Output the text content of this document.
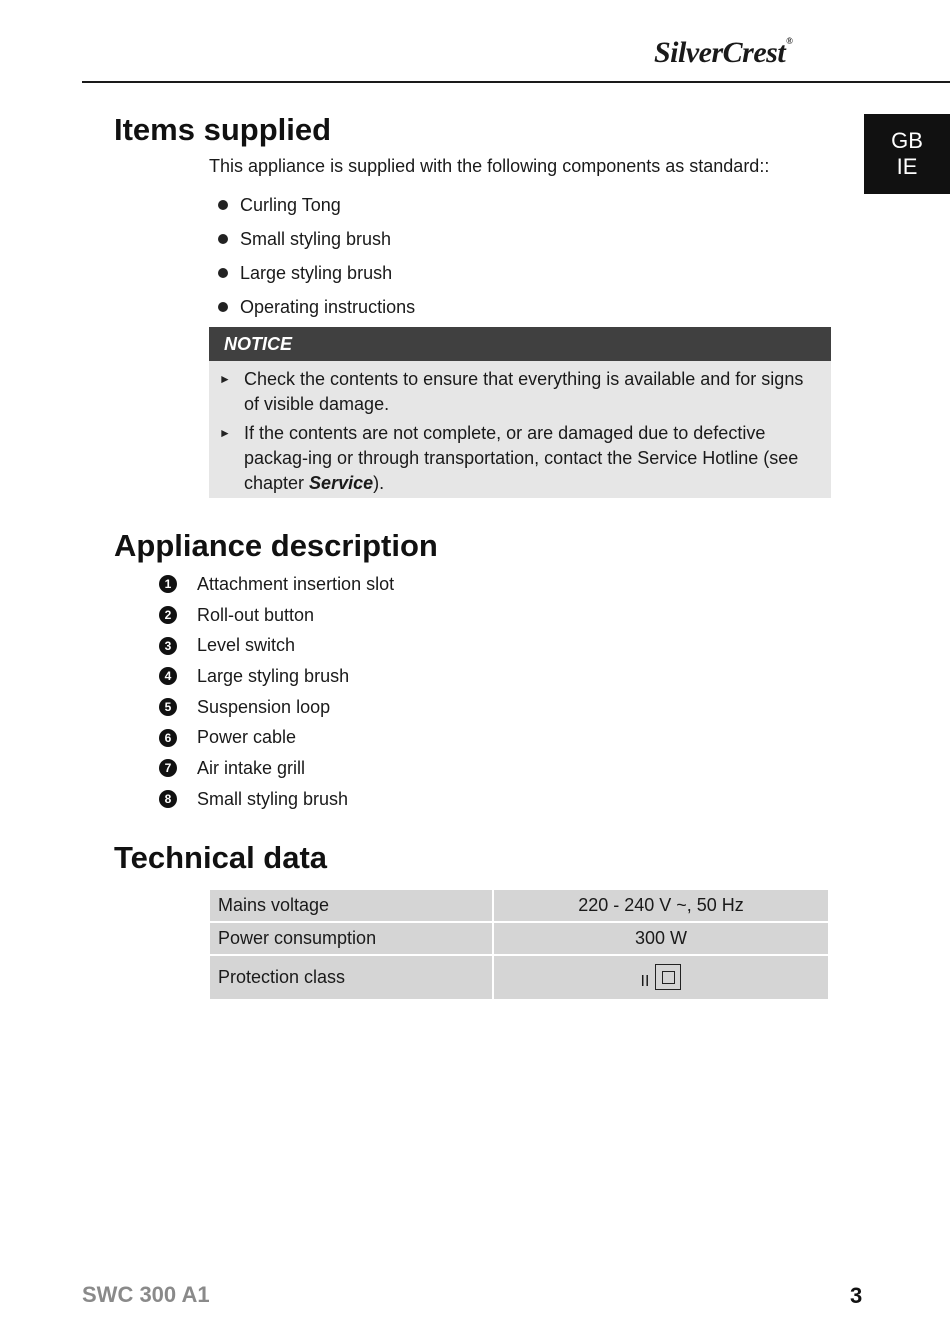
SilverCrest®
GB
IE
Items supplied
This appliance is supplied with the following components as standard::
Curling Tong
Small styling brush
Large styling brush
Operating instructions
NOTICE
► Check the contents to ensure that everything is available and for signs of visible damage.
► If the contents are not complete, or are damaged due to defective packag-ing or through transportation, contact the Service Hotline (see chapter Service).
Appliance description
1	Attachment insertion slot
2	Roll-out button
3	Level switch
4	Large styling brush
5	Suspension loop
6	Power cable
7	Air intake grill
8	Small styling brush
Technical data
Mains voltage	220 - 240 V ~, 50 Hz
Power consumption	300 W
Protection class	II
SWC 300 A1	3
